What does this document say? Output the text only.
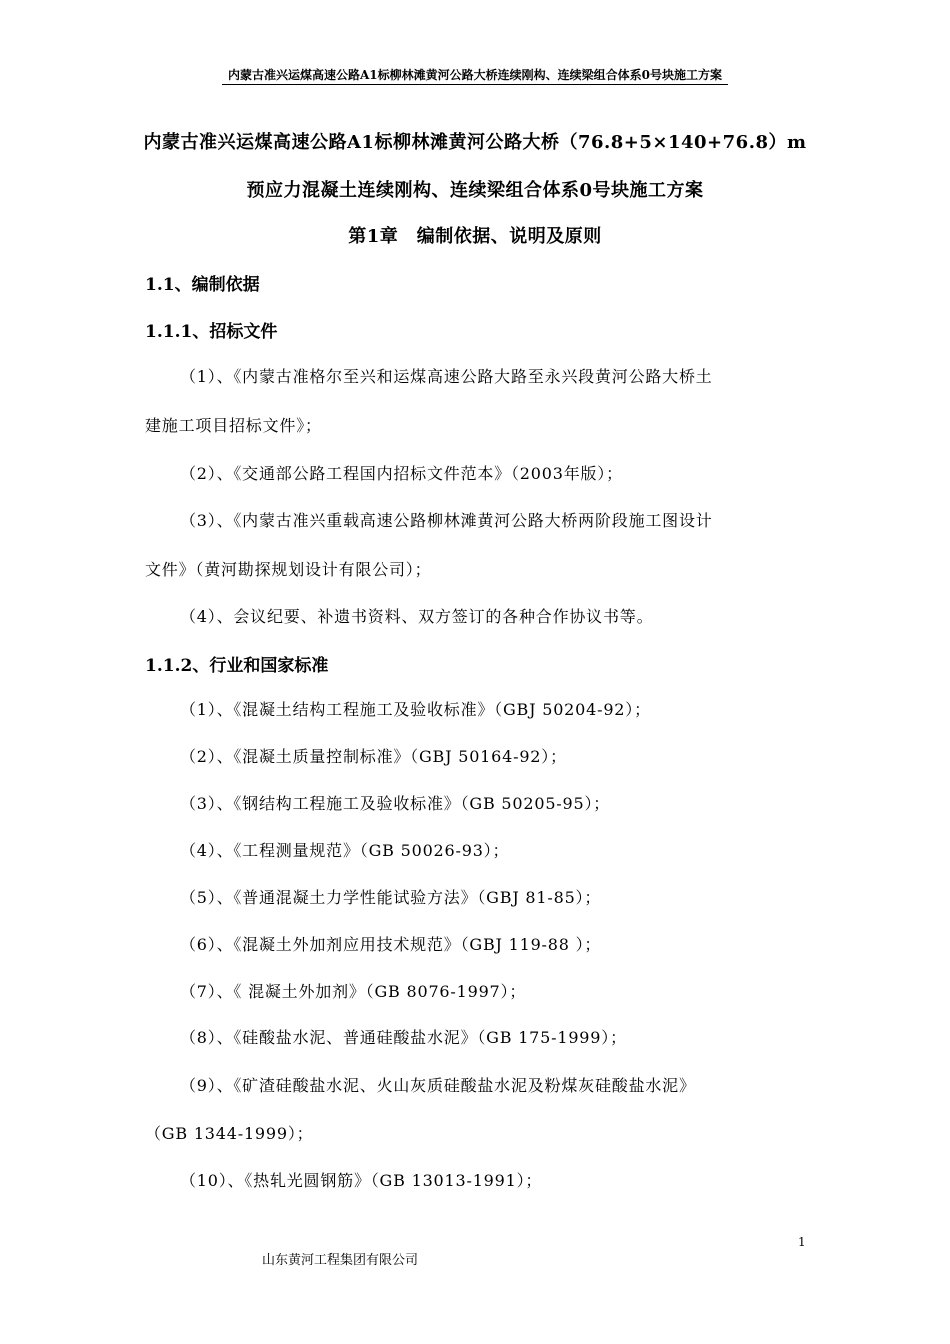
内蒙古准兴运煤高速公路A1标柳林滩黄河公路大桥连续刚构、连续梁组合体系0号块施工方案
内蒙古准兴运煤高速公路A1标柳林滩黄河公路大桥（76.8+5×140+76.8）m
预应力混凝土连续刚构、连续梁组合体系0号块施工方案
第1章　编制依据、说明及原则
1.1、编制依据
1.1.1、招标文件
（1）、《内蒙古准格尔至兴和运煤高速公路大路至永兴段黄河公路大桥土
建施工项目招标文件》；
（2）、《交通部公路工程国内招标文件范本》（2003年版）；
（3）、《内蒙古准兴重载高速公路柳林滩黄河公路大桥两阶段施工图设计
文件》（黄河勘探规划设计有限公司）；
（4）、会议纪要、补遗书资料、双方签订的各种合作协议书等。
1.1.2、行业和国家标准
（1）、《混凝土结构工程施工及验收标准》（GBJ 50204-92）；
（2）、《混凝土质量控制标准》（GBJ 50164-92）；
（3）、《钢结构工程施工及验收标准》（GB 50205-95）；
（4）、《工程测量规范》（GB 50026-93）；
（5）、《普通混凝土力学性能试验方法》（GBJ 81-85）；
（6）、《混凝土外加剂应用技术规范》（GBJ 119-88 ）；
（7）、《 混凝土外加剂》（GB 8076-1997）；
（8）、《硅酸盐水泥、普通硅酸盐水泥》（GB 175-1999）；
（9）、《矿渣硅酸盐水泥、火山灰质硅酸盐水泥及粉煤灰硅酸盐水泥》
（GB 1344-1999）；
（10）、《热轧光圆钢筋》（GB 13013-1991）；
1
山东黄河工程集团有限公司
